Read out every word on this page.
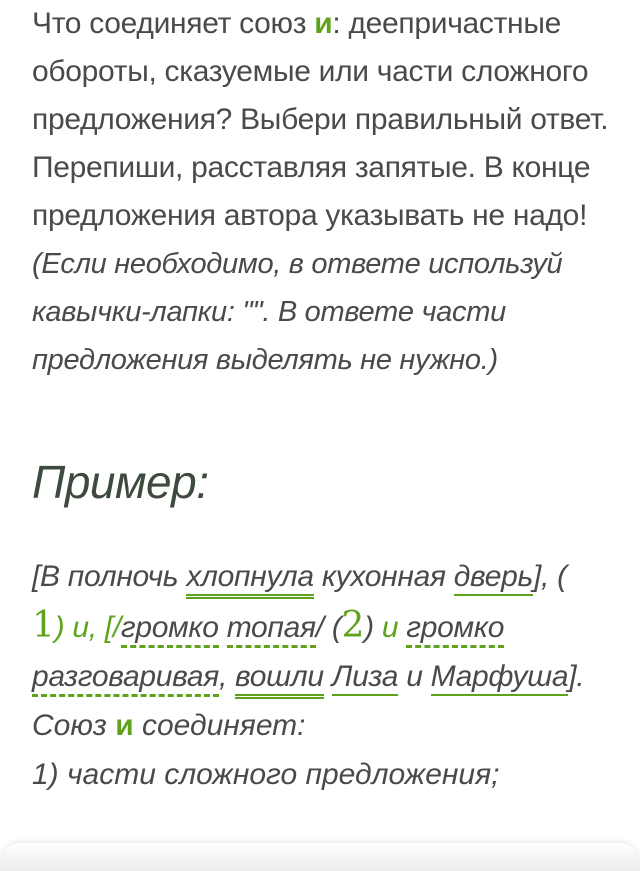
Что соединяет союз и: деепричастные обороты, сказуемые или части сложного предложения? Выбери правильный ответ. Перепиши, расставляя запятые. В конце предложения автора указывать не надо!

(Если необходимо, в ответе используй кавычки-лапки: "". В ответе части предложения выделять не нужно.)

Пример:

[В полночь хлопнула кухонная дверь], (
1) и, [/громко топая/ (2) и громко
разговаривая, вошли Лиза и Марфуша].

Союз и соединяет:

1) части сложного предложения;
